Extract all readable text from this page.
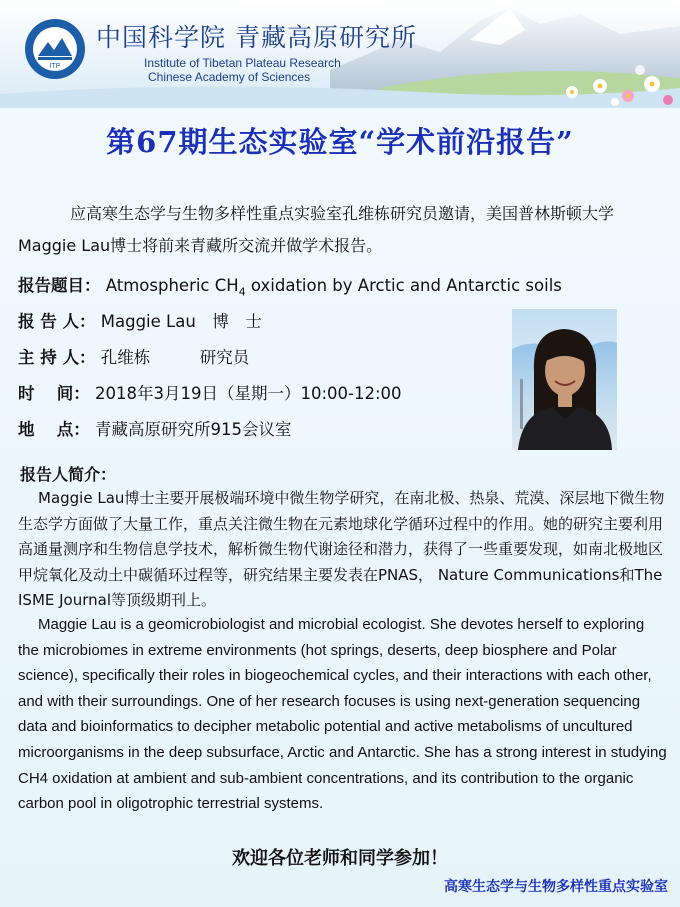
ITP
中国科学院 青藏高原研究所
Institute of Tibetan Plateau Research
Chinese Academy of Sciences
第67期生态实验室“学术前沿报告”
应高寒生态学与生物多样性重点实验室孔维栋研究员邀请，美国普林斯顿大学Maggie Lau博士将前来青藏所交流并做学术报告。
报告题目： Atmospheric $CH_4$ oxidation by Arctic and Antarctic soils
报 告 人： Maggie Lau　博　士
主 持 人： 孔维栋　　　研究员
时　 间： 2018年3月19日（星期一）10:00-12:00
地　 点： 青藏高原研究所915会议室
报告人简介：
Maggie Lau博士主要开展极端环境中微生物学研究，在南北极、热泉、荒漠、深层地下微生物生态学方面做了大量工作，重点关注微生物在元素地球化学循环过程中的作用。她的研究主要利用高通量测序和生物信息学技术，解析微生物代谢途径和潜力，获得了一些重要发现，如南北极地区甲烷氧化及动土中碳循环过程等，研究结果主要发表在PNAS， Nature Communications和The ISME Journal等顶级期刊上。
Maggie Lau is a geomicrobiologist and microbial ecologist. She devotes herself to exploring the microbiomes in extreme environments (hot springs, deserts, deep biosphere and Polar science), specifically their roles in biogeochemical cycles, and their interactions with each other, and with their surroundings. One of her research focuses is using next-generation sequencing data and bioinformatics to decipher metabolic potential and active metabolisms of uncultured microorganisms in the deep subsurface, Arctic and Antarctic. She has a strong interest in studying CH4 oxidation at ambient and sub-ambient concentrations, and its contribution to the organic carbon pool in oligotrophic terrestrial systems.
欢迎各位老师和同学参加！
高寒生态学与生物多样性重点实验室
